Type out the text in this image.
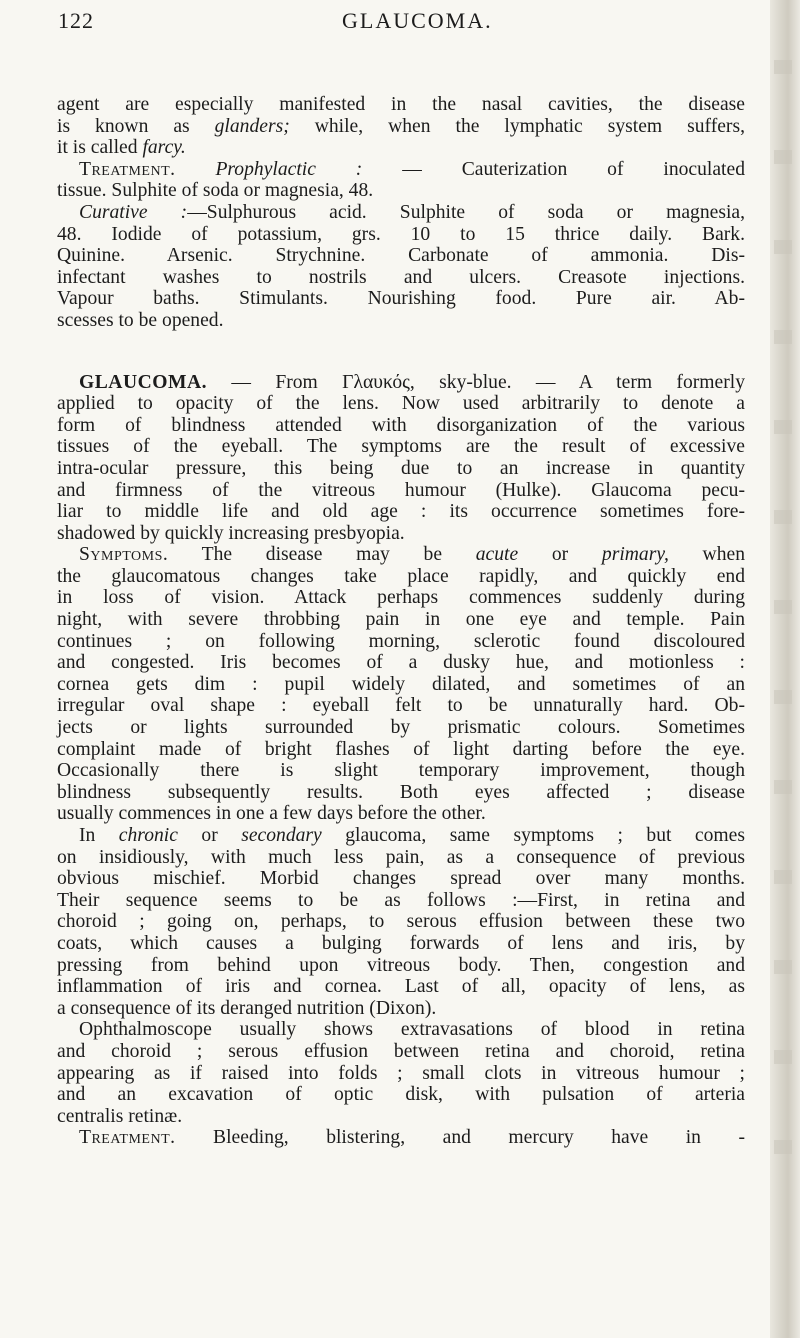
122	GLAUCOMA.
agent are especially manifested in the nasal cavities, the disease
is known as glanders; while, when the lymphatic system suffers,
it is called farcy.
Treatment. Prophylactic : — Cauterization of inoculated
tissue. Sulphite of soda or magnesia, 48.
Curative :—Sulphurous acid. Sulphite of soda or magnesia,
48. Iodide of potassium, grs. 10 to 15 thrice daily. Bark.
Quinine. Arsenic. Strychnine. Carbonate of ammonia. Dis-
infectant washes to nostrils and ulcers. Creasote injections.
Vapour baths. Stimulants. Nourishing food. Pure air. Ab-
scesses to be opened.
GLAUCOMA. — From Γλαυκός, sky-blue. — A term formerly
applied to opacity of the lens. Now used arbitrarily to denote a
form of blindness attended with disorganization of the various
tissues of the eyeball. The symptoms are the result of excessive
intra-ocular pressure, this being due to an increase in quantity
and firmness of the vitreous humour (Hulke). Glaucoma pecu-
liar to middle life and old age : its occurrence sometimes fore-
shadowed by quickly increasing presbyopia.
Symptoms. The disease may be acute or primary, when
the glaucomatous changes take place rapidly, and quickly end
in loss of vision. Attack perhaps commences suddenly during
night, with severe throbbing pain in one eye and temple. Pain
continues ; on following morning, sclerotic found discoloured
and congested. Iris becomes of a dusky hue, and motionless :
cornea gets dim : pupil widely dilated, and sometimes of an
irregular oval shape : eyeball felt to be unnaturally hard. Ob-
jects or lights surrounded by prismatic colours. Sometimes
complaint made of bright flashes of light darting before the eye.
Occasionally there is slight temporary improvement, though
blindness subsequently results. Both eyes affected ; disease
usually commences in one a few days before the other.
In chronic or secondary glaucoma, same symptoms ; but comes
on insidiously, with much less pain, as a consequence of previous
obvious mischief. Morbid changes spread over many months.
Their sequence seems to be as follows :—First, in retina and
choroid ; going on, perhaps, to serous effusion between these two
coats, which causes a bulging forwards of lens and iris, by
pressing from behind upon vitreous body. Then, congestion and
inflammation of iris and cornea. Last of all, opacity of lens, as
a consequence of its deranged nutrition (Dixon).
Ophthalmoscope usually shows extravasations of blood in retina
and choroid ; serous effusion between retina and choroid, retina
appearing as if raised into folds ; small clots in vitreous humour ;
and an excavation of optic disk, with pulsation of arteria
centralis retinæ.
Treatment. Bleeding, blistering, and mercury have in -
